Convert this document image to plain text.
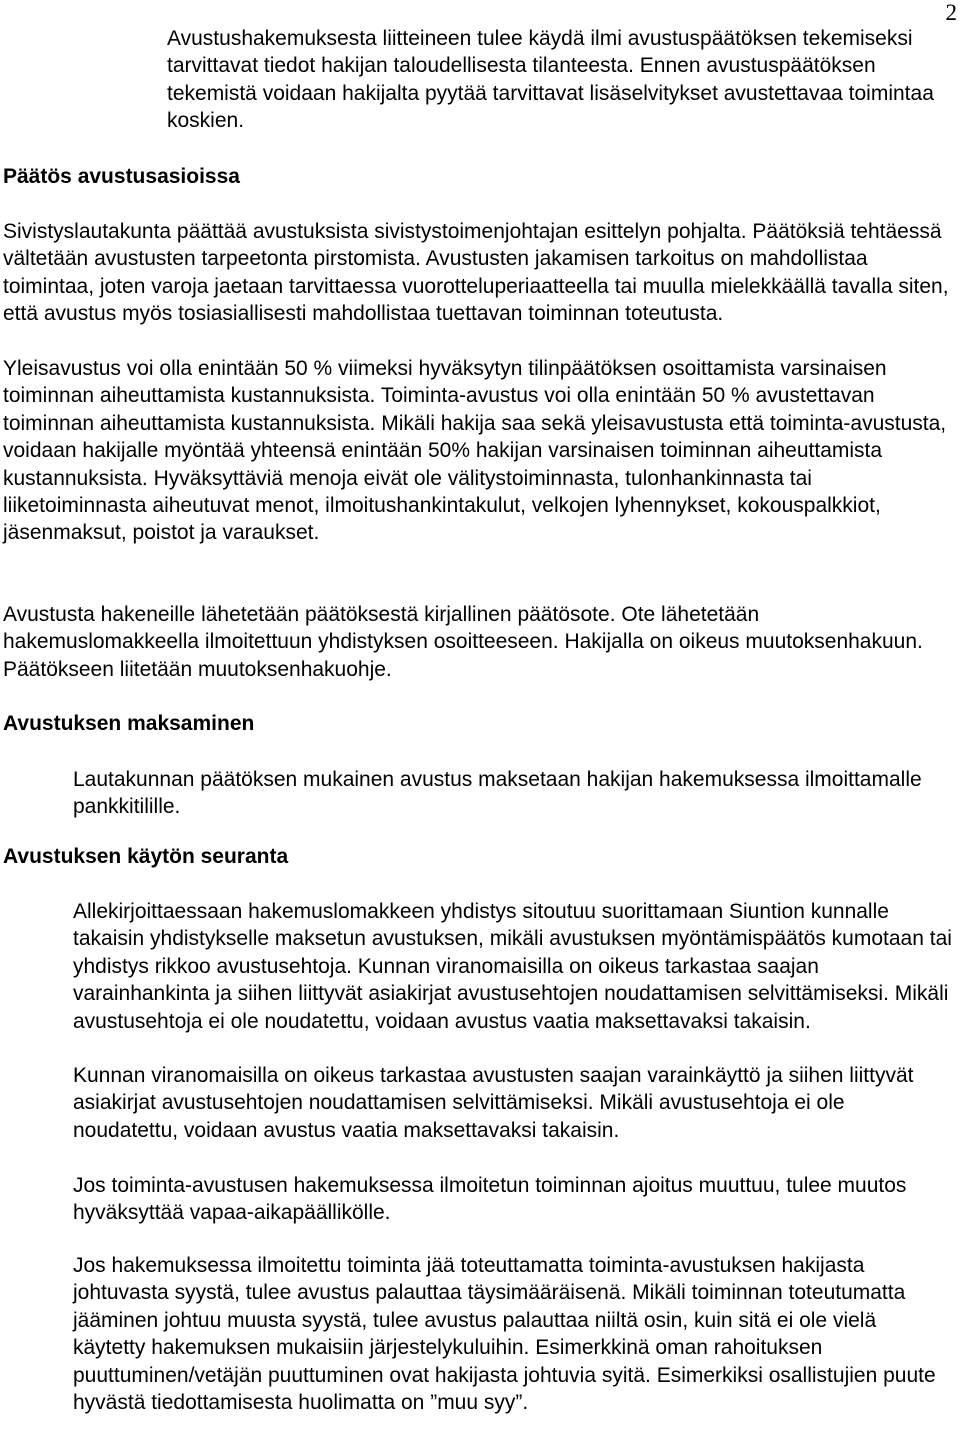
2

Avustushakemuksesta liitteineen tulee käydä ilmi avustuspäätöksen tekemiseksi tarvittavat tiedot hakijan taloudellisesta tilanteesta. Ennen avustuspäätöksen tekemistä voidaan hakijalta pyytää tarvittavat lisäselvitykset avustettavaa toimintaa koskien.

Päätös avustusasioissa

Sivistyslautakunta päättää avustuksista sivistystoimenjohtajan esittelyn pohjalta. Päätöksiä tehtäessä vältetään avustusten tarpeetonta pirstomista. Avustusten jakamisen tarkoitus on mahdollistaa toimintaa, joten varoja jaetaan tarvittaessa vuorotteluperiaatteella tai muulla mielekkäällä tavalla siten, että avustus myös tosiasiallisesti mahdollistaa tuettavan toiminnan toteutusta.

Yleisavustus voi olla enintään 50 % viimeksi hyväksytyn tilinpäätöksen osoittamista varsinaisen toiminnan aiheuttamista kustannuksista. Toiminta-avustus voi olla enintään 50 % avustettavan toiminnan aiheuttamista kustannuksista. Mikäli hakija saa sekä yleisavustusta että toiminta-avustusta, voidaan hakijalle myöntää yhteensä enintään 50% hakijan varsinaisen toiminnan aiheuttamista kustannuksista. Hyväksyttäviä menoja eivät ole välitystoiminnasta, tulonhankinnasta tai liiketoiminnasta aiheutuvat menot, ilmoitushankintakulut, velkojen lyhennykset, kokouspalkkiot, jäsenmaksut, poistot ja varaukset.

Avustusta hakeneille lähetetään päätöksestä kirjallinen päätösote. Ote lähetetään hakemuslomakkeella ilmoitettuun yhdistyksen osoitteeseen. Hakijalla on oikeus muutoksenhakuun. Päätökseen liitetään muutoksenhakuohje.

Avustuksen maksaminen

Lautakunnan päätöksen mukainen avustus maksetaan hakijan hakemuksessa ilmoittamalle pankkitilille.

Avustuksen käytön seuranta

Allekirjoittaessaan hakemuslomakkeen yhdistys sitoutuu suorittamaan Siuntion kunnalle takaisin yhdistykselle maksetun avustuksen, mikäli avustuksen myöntämispäätös kumotaan tai yhdistys rikkoo avustusehtoja. Kunnan viranomaisilla on oikeus tarkastaa saajan varainhankinta ja siihen liittyvät asiakirjat avustusehtojen noudattamisen selvittämiseksi. Mikäli avustusehtoja ei ole noudatettu, voidaan avustus vaatia maksettavaksi takaisin.

Kunnan viranomaisilla on oikeus tarkastaa avustusten saajan varainkäyttö ja siihen liittyvät asiakirjat avustusehtojen noudattamisen selvittämiseksi. Mikäli avustusehtoja ei ole noudatettu, voidaan avustus vaatia maksettavaksi takaisin.

Jos toiminta-avustusen hakemuksessa ilmoitetun toiminnan ajoitus muuttuu, tulee muutos hyväksyttää vapaa-aikapäällikölle.

Jos hakemuksessa ilmoitettu toiminta jää toteuttamatta toiminta-avustuksen hakijasta johtuvasta syystä, tulee avustus palauttaa täysimääräisenä. Mikäli toiminnan toteutumatta jääminen johtuu muusta syystä, tulee avustus palauttaa niiltä osin, kuin sitä ei ole vielä käytetty hakemuksen mukaisiin järjestelykuluihin. Esimerkkinä oman rahoituksen puuttuminen/vetäjän puuttuminen ovat hakijasta johtuvia syitä. Esimerkiksi osallistujien puute hyvästä tiedottamisesta huolimatta on ”muu syy”.
